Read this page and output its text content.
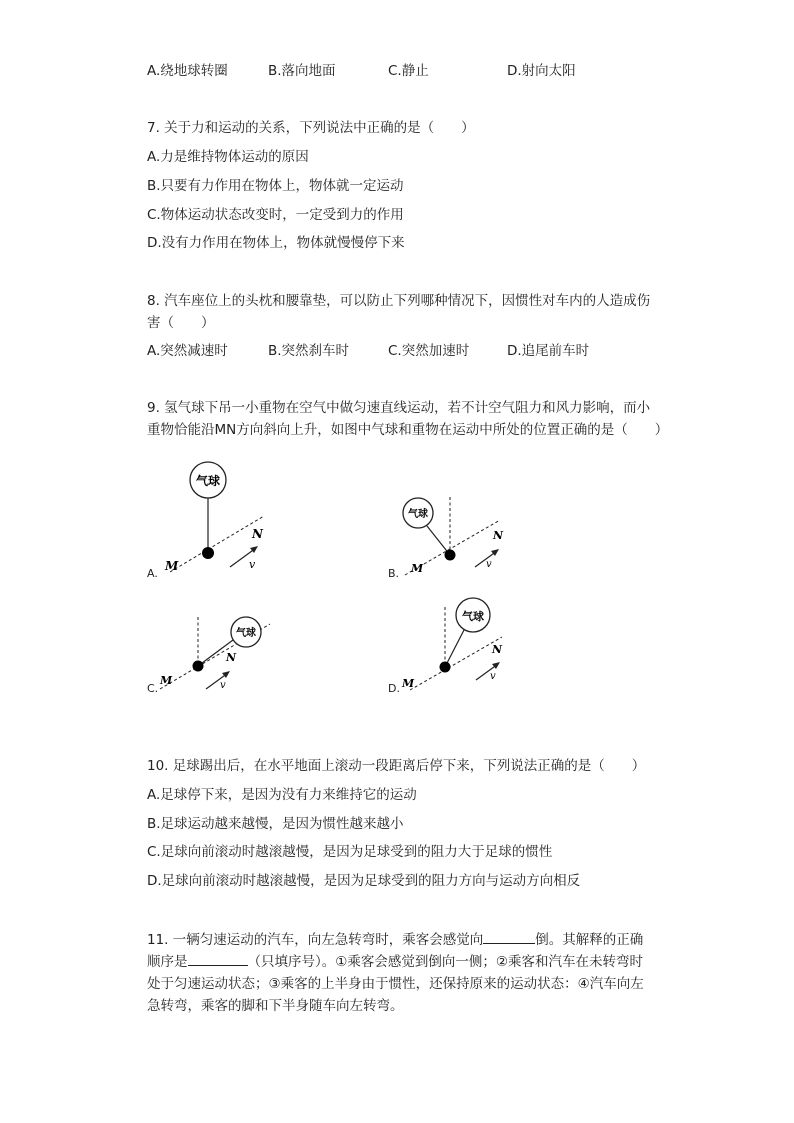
A.绕地球转圈	B.落向地面	C.静止	D.射向太阳
7. 关于力和运动的关系，下列说法中正确的是（　　）
A.力是维持物体运动的原因
B.只要有力作用在物体上，物体就一定运动
C.物体运动状态改变时，一定受到力的作用
D.没有力作用在物体上，物体就慢慢停下来
8. 汽车座位上的头枕和腰靠垫，可以防止下列哪种情况下，因惯性对车内的人造成伤
害（　　）
A.突然减速时	B.突然刹车时	C.突然加速时	D.追尾前车时
9. 氢气球下吊一小重物在空气中做匀速直线运动，若不计空气阻力和风力影响，而小
重物恰能沿MN方向斜向上升，如图中气球和重物在运动中所处的位置正确的是（　　）
A.
气球
M
N
v
B.
气球
M
N
v
C.
气球
M
N
v	D.
气球
M
N
v
10. 足球踢出后，在水平地面上滚动一段距离后停下来，下列说法正确的是（　　）
A.足球停下来，是因为没有力来维持它的运动
B.足球运动越来越慢，是因为惯性越来越小
C.足球向前滚动时越滚越慢，是因为足球受到的阻力大于足球的惯性
D.足球向前滚动时越滚越慢，是因为足球受到的阻力方向与运动方向相反

11. 一辆匀速运动的汽车，向左急转弯时，乘客会感觉向	倒。其解释的正确

顺序是	（只填序号）。①乘客会感觉到倒向一侧；②乘客和汽车在未转弯时

处于匀速运动状态；③乘客的上半身由于惯性，还保持原来的运动状态：④汽车向左

急转弯，乘客的脚和下半身随车向左转弯。
